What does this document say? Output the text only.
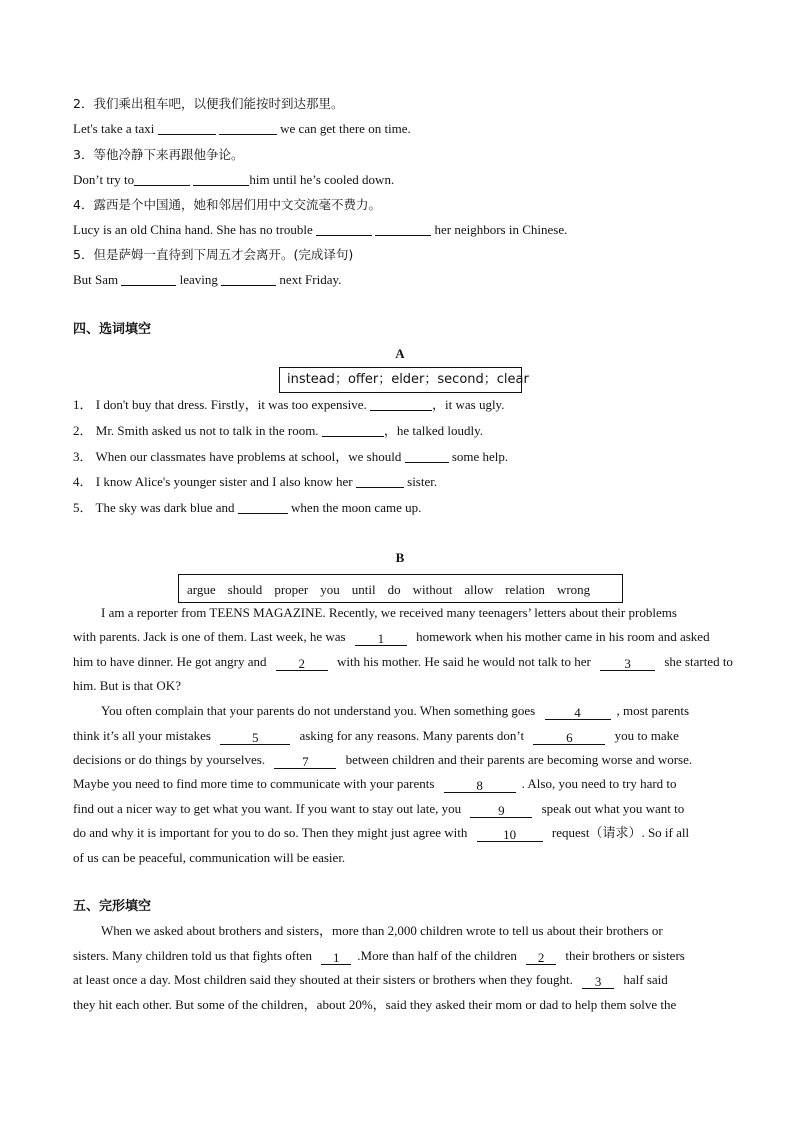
2．我们乘出租车吧，以便我们能按时到达那里。
Let's take a taxi	we can get there on time.
3．等他冷静下来再跟他争论。
Don’t try to	him until he’s cooled down.
4．露西是个中国通，她和邻居们用中文交流毫不费力。
Lucy is an old China hand. She has no trouble	her neighbors in Chinese.
5．但是萨姆一直待到下周五才会离开。(完成译句)
But Sam	leaving	next Friday.
四、选词填空
A
instead；offer；elder；second；clear
1． I don't buy that dress. Firstly，it was too expensive.	，it was ugly.
2． Mr. Smith asked us not to talk in the room.	，he talked loudly.
3． When our classmates have problems at school，we should	some help.
4． I know Alice's younger sister and I also know her	sister.
5． The sky was dark blue and	when the moon came up.
B
argue should proper you until do without allow relation wrong
I am a reporter from TEENS MAGAZINE. Recently, we received many teenagers’ letters about their problems
with parents. Jack is one of them. Last week, he was 1 homework when his mother came in his room and asked
him to have dinner. He got angry and 2 with his mother. He said he would not talk to her 3 she started to
him. But is that OK?
You often complain that your parents do not understand you. When something goes	4	, most parents
think it’s all your mistakes	5	asking for any reasons. Many parents don’t	6	you to make
decisions or do things by yourselves.	7	between children and their parents are becoming worse and worse.
Maybe you need to find more time to communicate with your parents	8	. Also, you need to try hard to
find out a nicer way to get what you want. If you want to stay out late, you	9	speak out what you want to
do and why it is important for you to do so. Then they might just agree with	10	request（请求）. So if all
of us can be peaceful, communication will be easier.
五、完形填空
When we asked about brothers and sisters，more than 2,000 children wrote to tell us about their brothers or
sisters. Many children told us that fights often 1 .More than half of the children 2 their brothers or sisters
at least once a day. Most children said they shouted at their sisters or brothers when they fought. 3 half said
they hit each other. But some of the children，about 20%，said they asked their mom or dad to help them solve the
